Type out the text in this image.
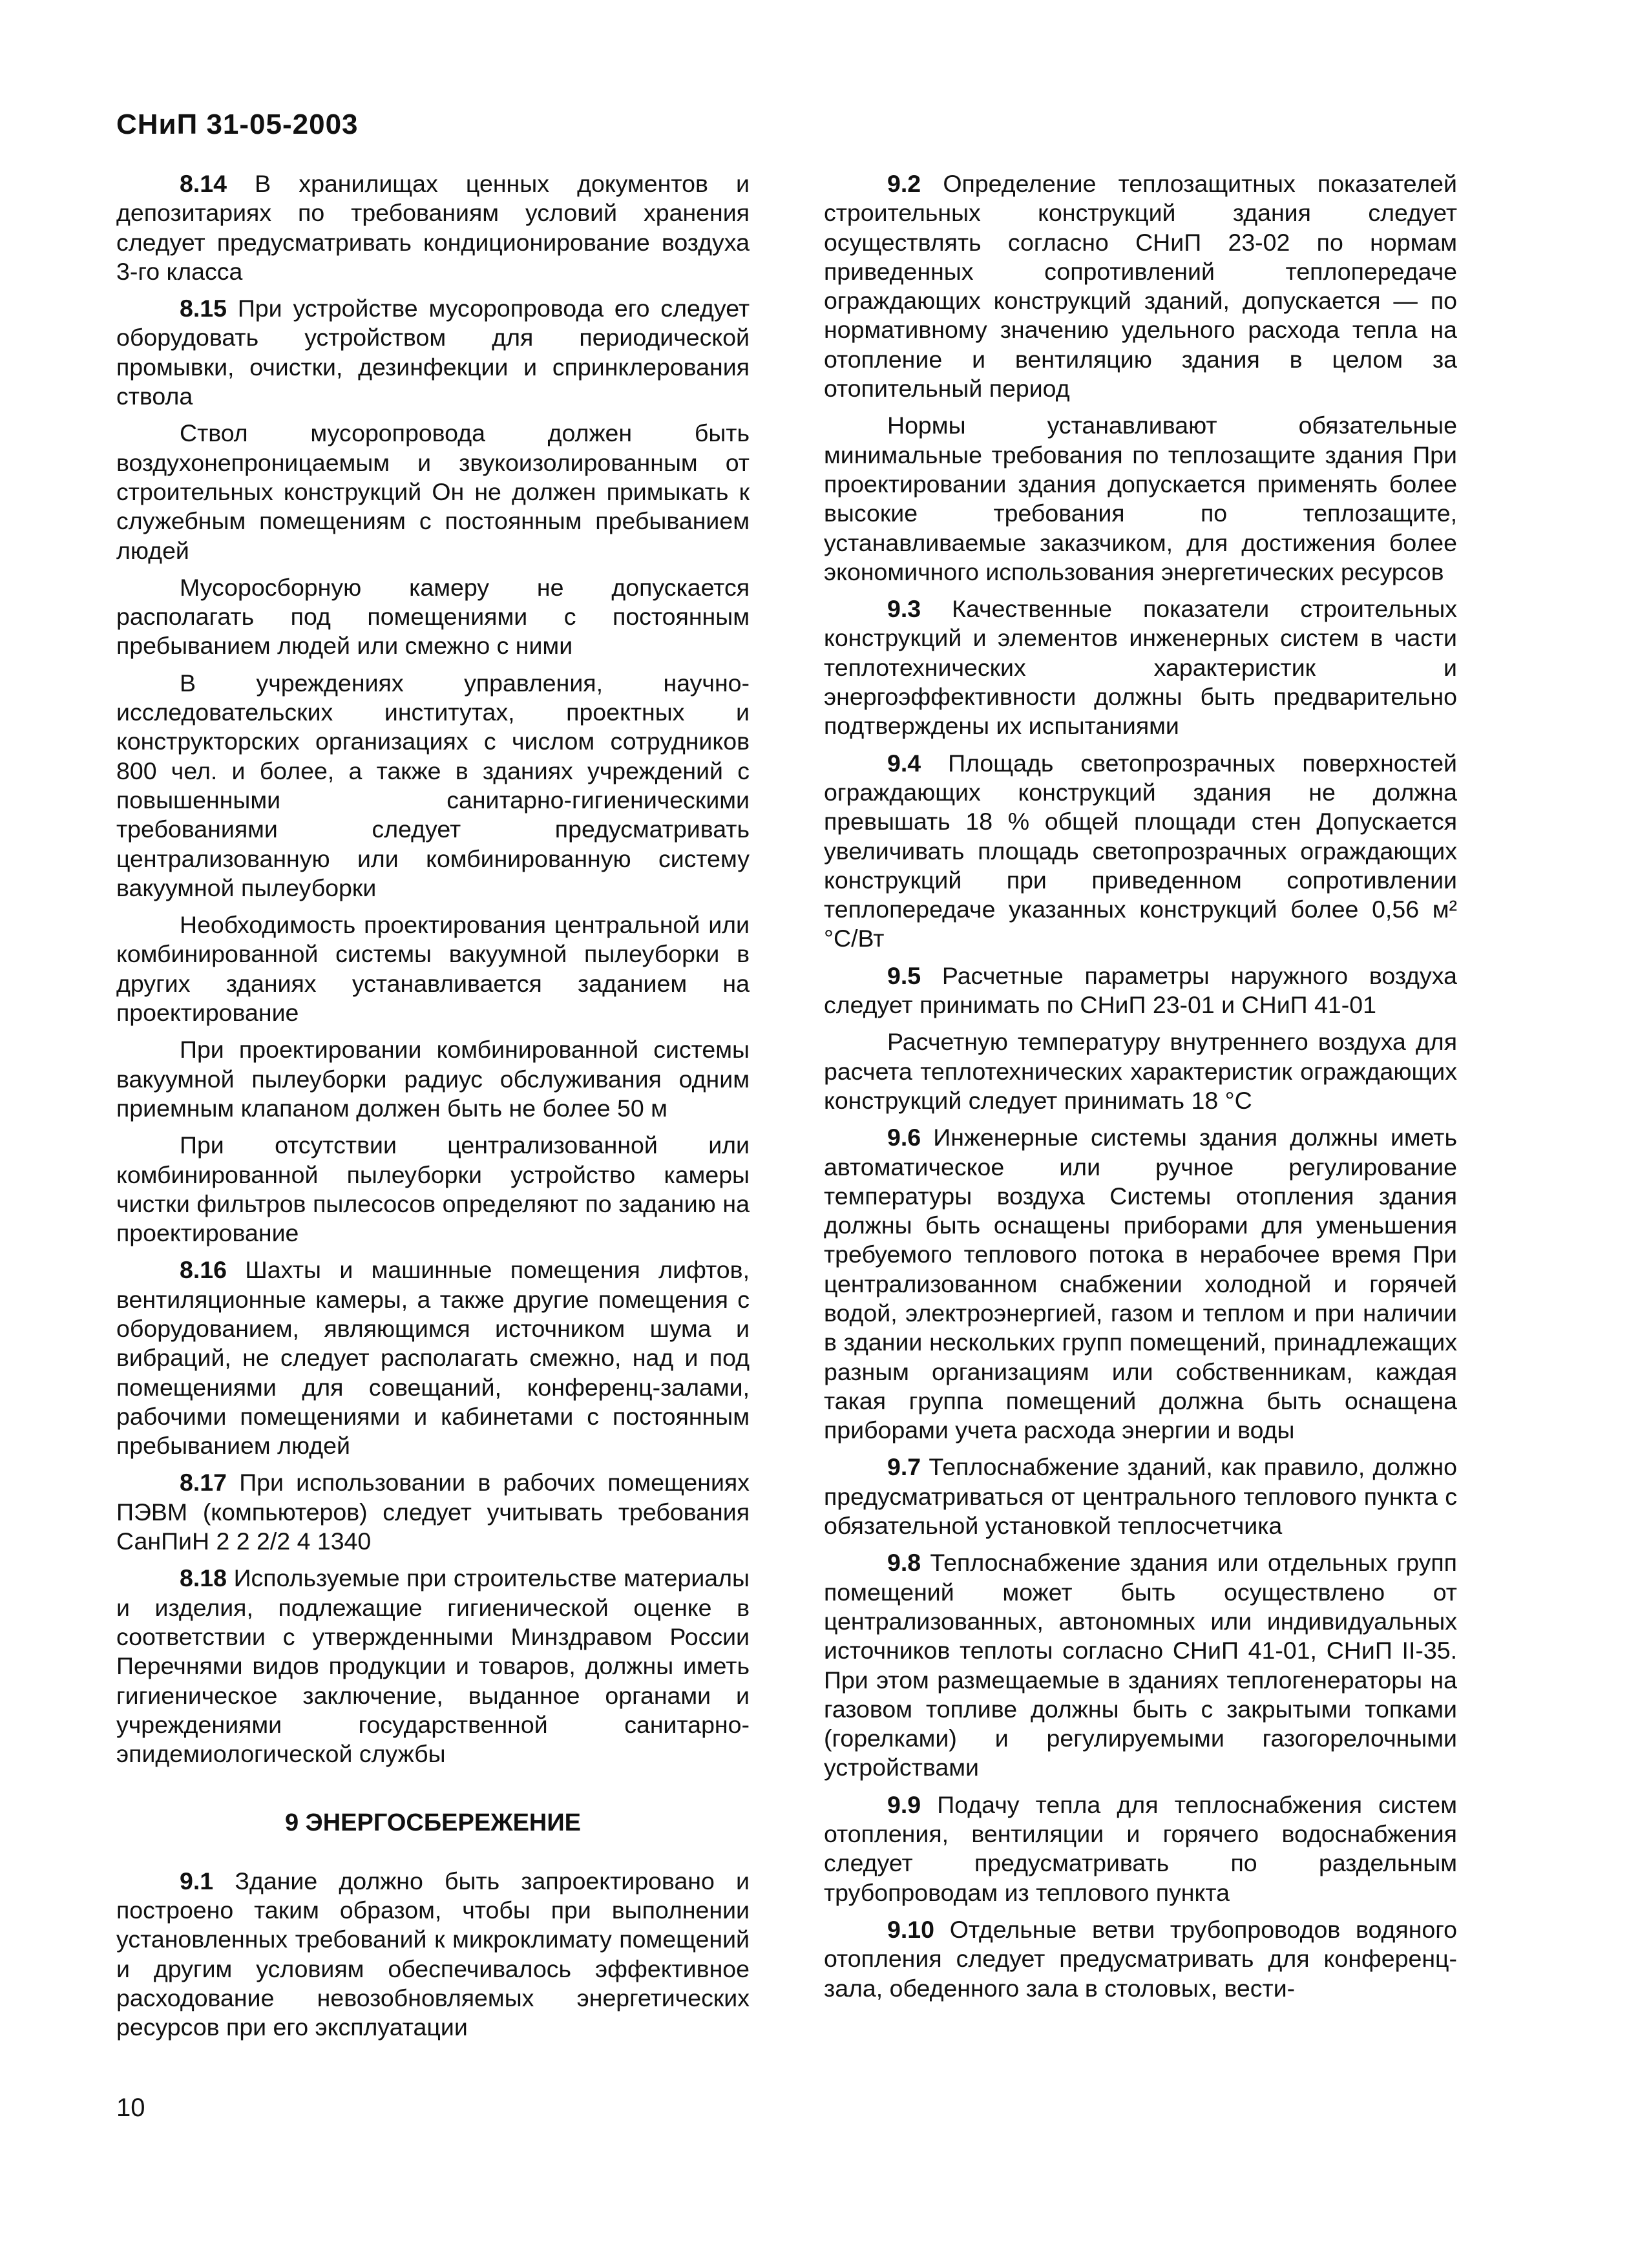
СНиП 31-05-2003

8.14 В хранилищах ценных документов и депозитариях по требованиям условий хранения следует предусматривать кондиционирование воздуха 3-го класса

8.15 При устройстве мусоропровода его следует оборудовать устройством для периодической промывки, очистки, дезинфекции и спринклерования ствола

Ствол мусоропровода должен быть воздухонепроницаемым и звукоизолированным от строительных конструкций Он не должен примыкать к служебным помещениям с постоянным пребыванием людей

Мусоросборную камеру не допускается располагать под помещениями с постоянным пребыванием людей или смежно с ними

В учреждениях управления, научно-исследовательских институтах, проектных и конструкторских организациях с числом сотрудников 800 чел. и более, а также в зданиях учреждений с повышенными санитарно-гигиеническими требованиями следует предусматривать централизованную или комбинированную систему вакуумной пылеуборки

Необходимость проектирования центральной или комбинированной системы вакуумной пылеуборки в других зданиях устанавливается заданием на проектирование

При проектировании комбинированной системы вакуумной пылеуборки радиус обслуживания одним приемным клапаном должен быть не более 50 м

При отсутствии централизованной или комбинированной пылеуборки устройство камеры чистки фильтров пылесосов определяют по заданию на проектирование

8.16 Шахты и машинные помещения лифтов, вентиляционные камеры, а также другие помещения с оборудованием, являющимся источником шума и вибраций, не следует располагать смежно, над и под помещениями для совещаний, конференц-залами, рабочими помещениями и кабинетами с постоянным пребыванием людей

8.17 При использовании в рабочих помещениях ПЭВМ (компьютеров) следует учитывать требования СанПиН 2 2 2/2 4 1340

8.18 Используемые при строительстве материалы и изделия, подлежащие гигиенической оценке в соответствии с утвержденными Минздравом России Перечнями видов продукции и товаров, должны иметь гигиеническое заключение, выданное органами и учреждениями государственной санитарно-эпидемиологической службы

9 ЭНЕРГОСБЕРЕЖЕНИЕ

9.1 Здание должно быть запроектировано и построено таким образом, чтобы при выполнении установленных требований к микроклимату помещений и другим условиям обеспечивалось эффективное расходование невозобновляемых энергетических ресурсов при его эксплуатации

9.2 Определение теплозащитных показателей строительных конструкций здания следует осуществлять согласно СНиП 23-02 по нормам приведенных сопротивлений теплопередаче ограждающих конструкций зданий, допускается — по нормативному значению удельного расхода тепла на отопление и вентиляцию здания в целом за отопительный период

Нормы устанавливают обязательные минимальные требования по теплозащите здания При проектировании здания допускается применять более высокие требования по теплозащите, устанавливаемые заказчиком, для достижения более экономичного использования энергетических ресурсов

9.3 Качественные показатели строительных конструкций и элементов инженерных систем в части теплотехнических характеристик и энергоэффективности должны быть предварительно подтверждены их испытаниями

9.4 Площадь светопрозрачных поверхностей ограждающих конструкций здания не должна превышать 18 % общей площади стен Допускается увеличивать площадь светопрозрачных ограждающих конструкций при приведенном сопротивлении теплопередаче указанных конструкций более 0,56 м² °С/Вт

9.5 Расчетные параметры наружного воздуха следует принимать по СНиП 23-01 и СНиП 41-01

Расчетную температуру внутреннего воздуха для расчета теплотехнических характеристик ограждающих конструкций следует принимать 18 °С

9.6 Инженерные системы здания должны иметь автоматическое или ручное регулирование температуры воздуха Системы отопления здания должны быть оснащены приборами для уменьшения требуемого теплового потока в нерабочее время При централизованном снабжении холодной и горячей водой, электроэнергией, газом и теплом и при наличии в здании нескольких групп помещений, принадлежащих разным организациям или собственникам, каждая такая группа помещений должна быть оснащена приборами учета расхода энергии и воды

9.7 Теплоснабжение зданий, как правило, должно предусматриваться от центрального теплового пункта с обязательной установкой теплосчетчика

9.8 Теплоснабжение здания или отдельных групп помещений может быть осуществлено от централизованных, автономных или индивидуальных источников теплоты согласно СНиП 41-01, СНиП II-35. При этом размещаемые в зданиях теплогенераторы на газовом топливе должны быть с закрытыми топками (горелками) и регулируемыми газогорелочными устройствами

9.9 Подачу тепла для теплоснабжения систем отопления, вентиляции и горячего водоснабжения следует предусматривать по раздельным трубопроводам из теплового пункта

9.10 Отдельные ветви трубопроводов водяного отопления следует предусматривать для конференц-зала, обеденного зала в столовых, вести-

10
